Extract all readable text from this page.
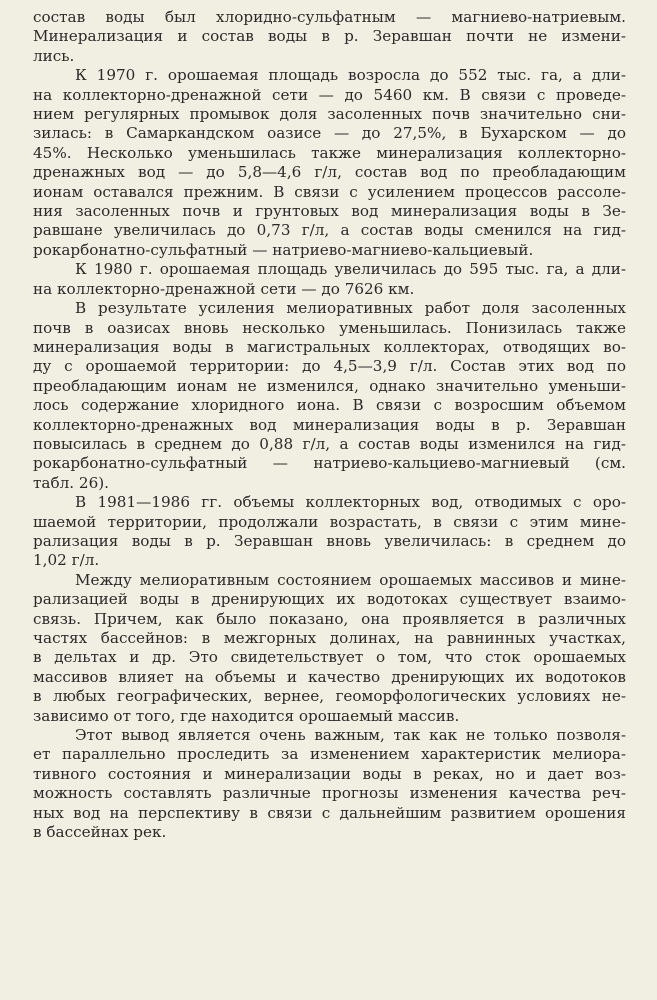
состав воды был хлоридно-сульфатным — магниево-натриевым.
Минерализация и состав воды в р. Зеравшан почти не измени-
лись.
К 1970 г. орошаемая площадь возросла до 552 тыс. га, а дли-
на коллекторно-дренажной сети — до 5460 км. В связи с проведе-
нием регулярных промывок доля засоленных почв значительно сни-
зилась: в Самаркандском оазисе — до 27,5%, в Бухарском — до
45%. Несколько уменьшилась также минерализация коллекторно-
дренажных вод — до 5,8—4,6 г/л, состав вод по преобладающим
ионам оставался прежним. В связи с усилением процессов рассоле-
ния засоленных почв и грунтовых вод минерализация воды в Зе-
равшане увеличилась до 0,73 г/л, а состав воды сменился на гид-
рокарбонатно-сульфатный — натриево-магниево-кальциевый.
К 1980 г. орошаемая площадь увеличилась до 595 тыс. га, а дли-
на коллекторно-дренажной сети — до 7626 км.
В результате усиления мелиоративных работ доля засоленных
почв в оазисах вновь несколько уменьшилась. Понизилась также
минерализация воды в магистральных коллекторах, отводящих во-
ду с орошаемой территории: до 4,5—3,9 г/л. Состав этих вод по
преобладающим ионам не изменился, однако значительно уменьши-
лось содержание хлоридного иона. В связи с возросшим объемом
коллекторно-дренажных вод минерализация воды в р. Зеравшан
повысилась в среднем до 0,88 г/л, а состав воды изменился на гид-
рокарбонатно-сульфатный — натриево-кальциево-магниевый (см.
табл. 26).
В 1981—1986 гг. объемы коллекторных вод, отводимых с оро-
шаемой территории, продолжали возрастать, в связи с этим мине-
рализация воды в р. Зеравшан вновь увеличилась: в среднем до
1,02 г/л.
Между мелиоративным состоянием орошаемых массивов и мине-
рализацией воды в дренирующих их водотоках существует взаимо-
связь. Причем, как было показано, она проявляется в различных
частях бассейнов: в межгорных долинах, на равнинных участках,
в дельтах и др. Это свидетельствует о том, что сток орошаемых
массивов влияет на объемы и качество дренирующих их водотоков
в любых географических, вернее, геоморфологических условиях не-
зависимо от того, где находится орошаемый массив.
Этот вывод является очень важным, так как не только позволя-
ет параллельно проследить за изменением характеристик мелиора-
тивного состояния и минерализации воды в реках, но и дает воз-
можность составлять различные прогнозы изменения качества реч-
ных вод на перспективу в связи с дальнейшим развитием орошения
в бассейнах рек.
